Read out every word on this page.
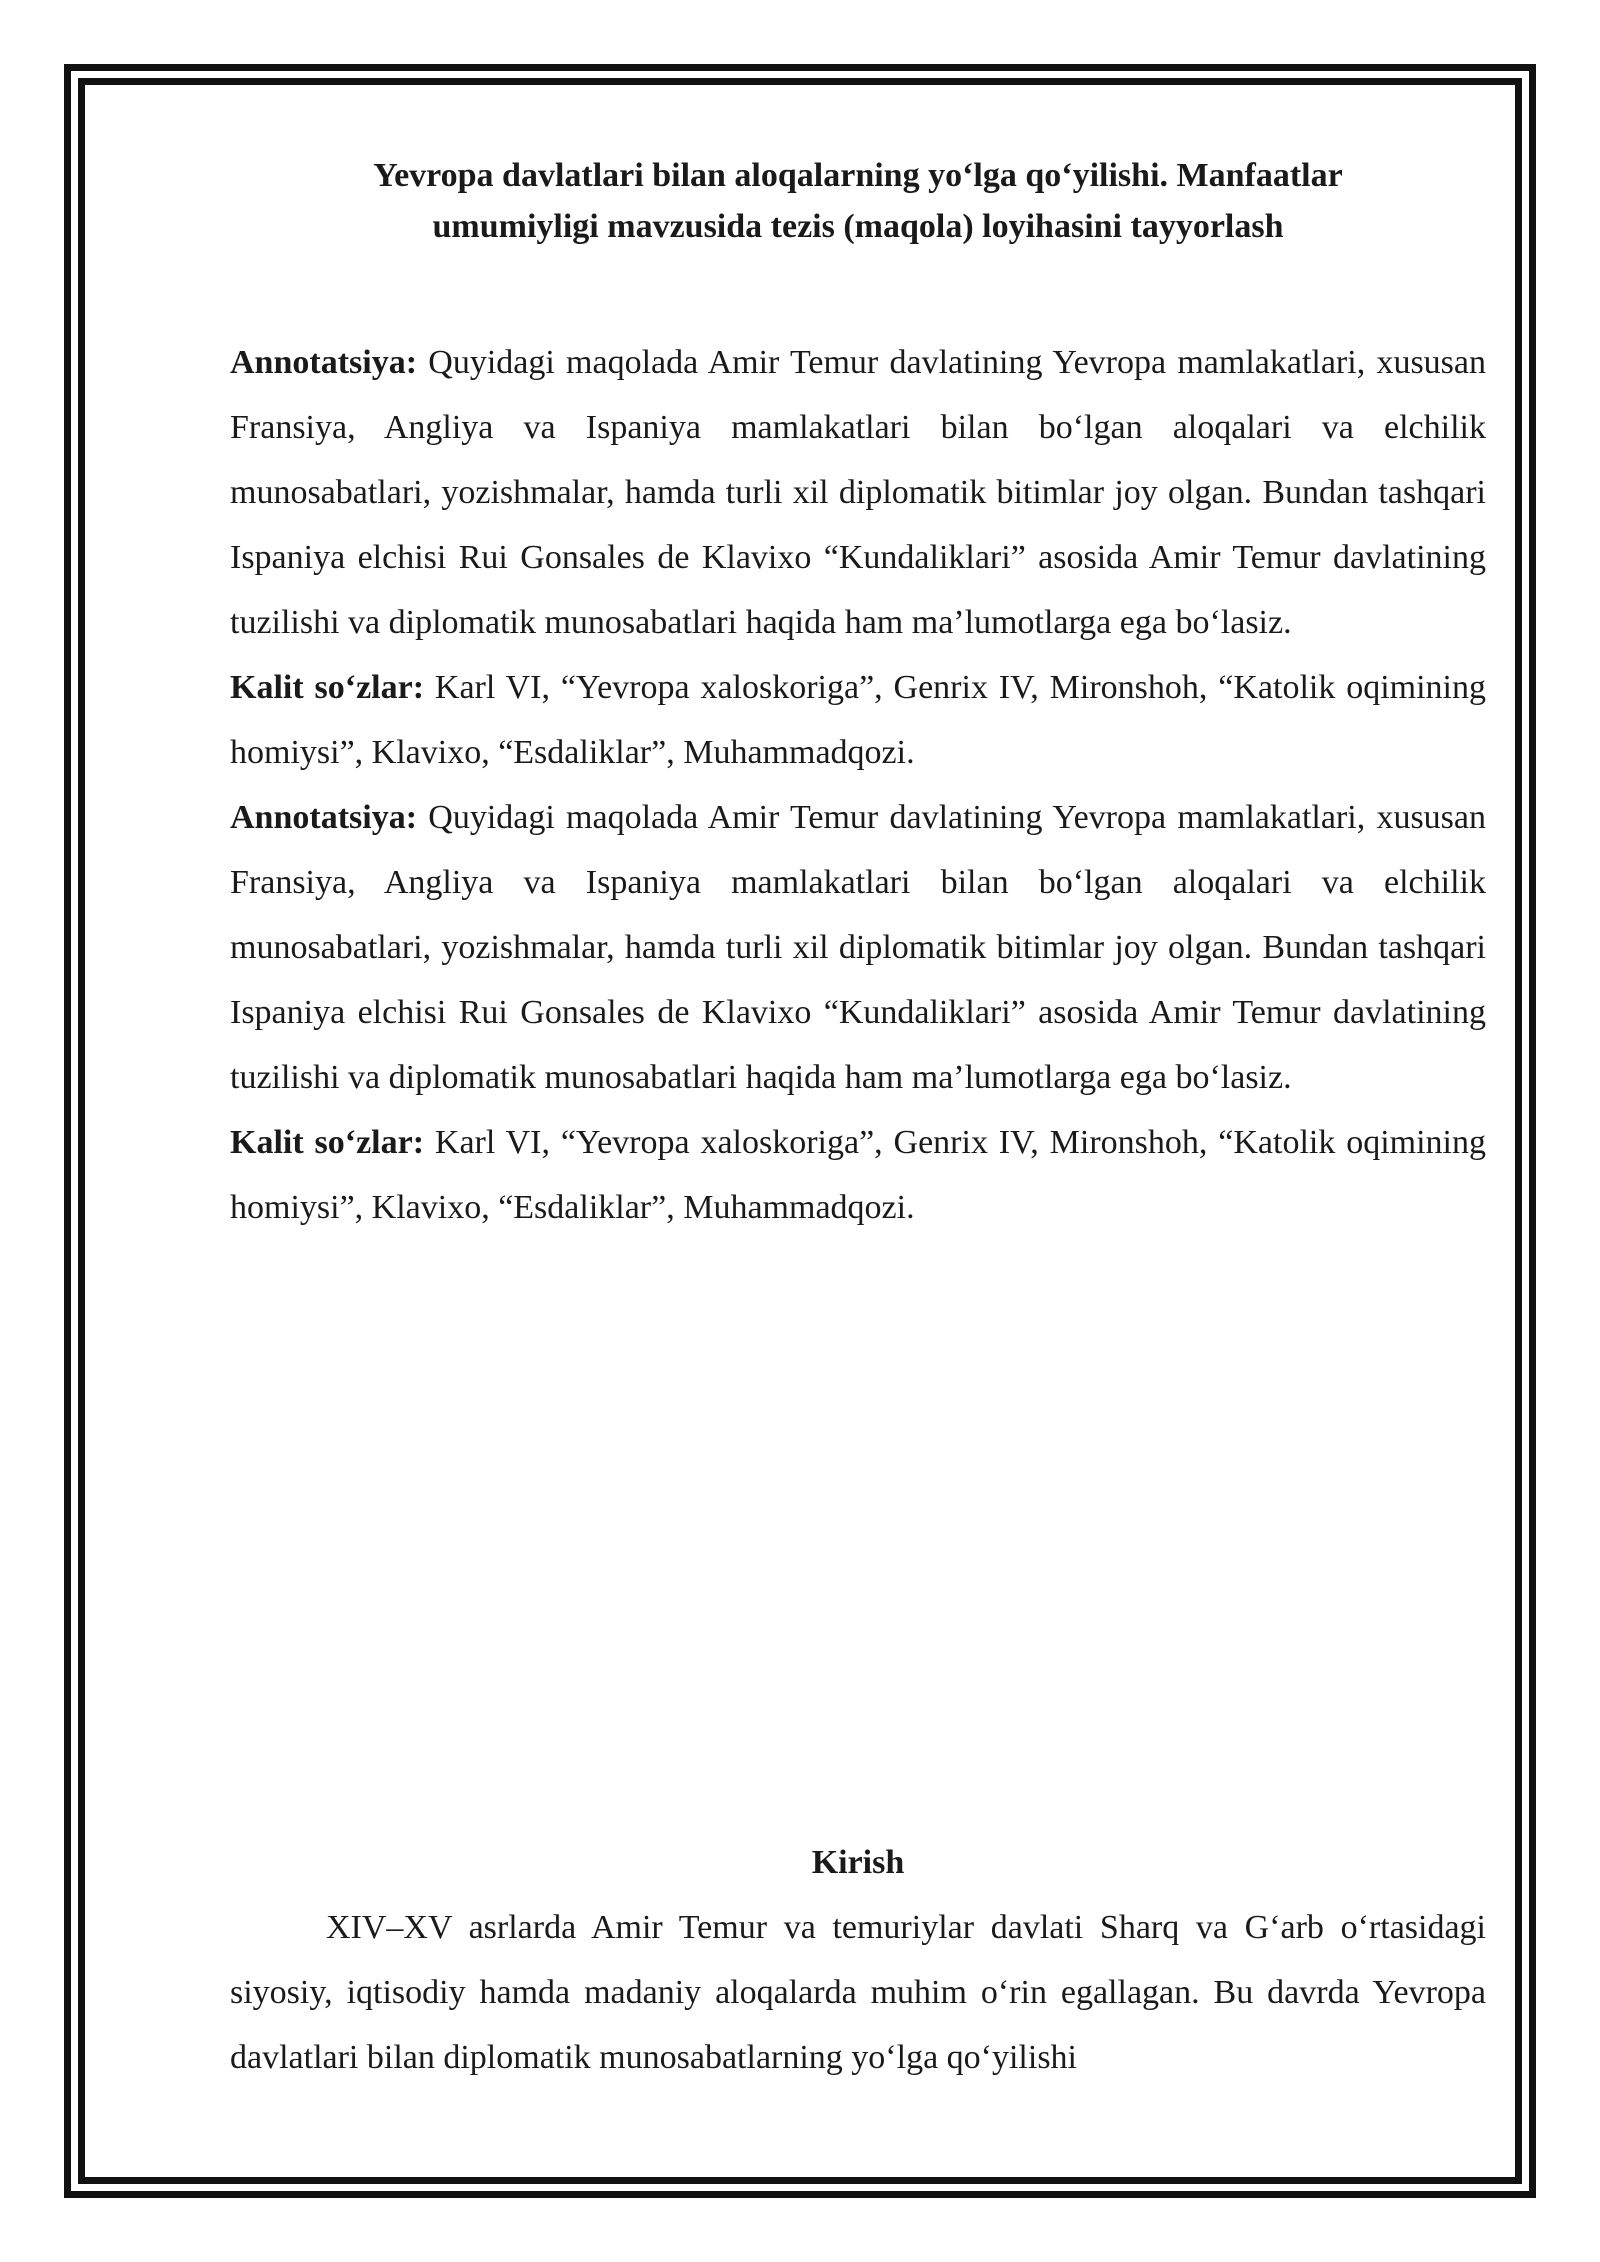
Yevropa davlatlari bilan aloqalarning yo‘lga qo‘yilishi. Manfaatlar umumiyligi mavzusida tezis (maqola) loyihasini tayyorlash

Annotatsiya: Quyidagi maqolada Amir Temur davlatining Yevropa mamlakatlari, xususan Fransiya, Angliya va Ispaniya mamlakatlari bilan bo‘lgan aloqalari va elchilik munosabatlari, yozishmalar, hamda turli xil diplomatik bitimlar joy olgan. Bundan tashqari Ispaniya elchisi Rui Gonsales de Klavixo “Kundaliklari” asosida Amir Temur davlatining tuzilishi va diplomatik munosabatlari haqida ham ma’lumotlarga ega bo‘lasiz.

Kalit so‘zlar: Karl VI, “Yevropa xaloskoriga”, Genrix IV, Mironshoh, “Katolik oqimining homiysi”, Klavixo, “Esdaliklar”, Muhammadqozi.

Annotatsiya: Quyidagi maqolada Amir Temur davlatining Yevropa mamlakatlari, xususan Fransiya, Angliya va Ispaniya mamlakatlari bilan bo‘lgan aloqalari va elchilik munosabatlari, yozishmalar, hamda turli xil diplomatik bitimlar joy olgan. Bundan tashqari Ispaniya elchisi Rui Gonsales de Klavixo “Kundaliklari” asosida Amir Temur davlatining tuzilishi va diplomatik munosabatlari haqida ham ma’lumotlarga ega bo‘lasiz.

Kalit so‘zlar: Karl VI, “Yevropa xaloskoriga”, Genrix IV, Mironshoh, “Katolik oqimining homiysi”, Klavixo, “Esdaliklar”, Muhammadqozi.

Kirish

XIV–XV asrlarda Amir Temur va temuriylar davlati Sharq va G‘arb o‘rtasidagi siyosiy, iqtisodiy hamda madaniy aloqalarda muhim o‘rin egallagan. Bu davrda Yevropa davlatlari bilan diplomatik munosabatlarning yo‘lga qo‘yilishi
